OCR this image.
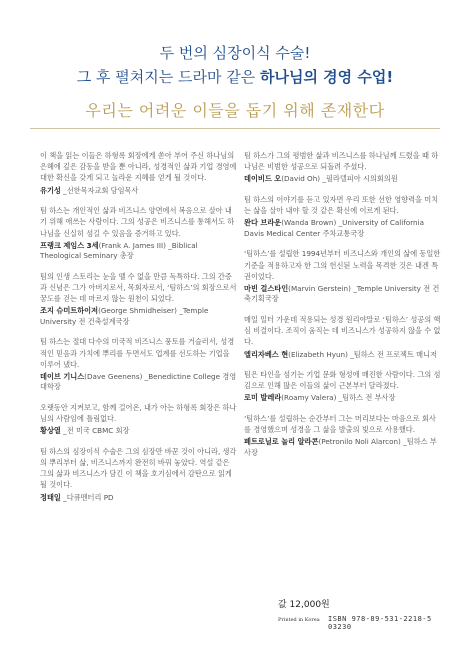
두 번의 심장이식 수술!
그 후 펼쳐지는 드라마 같은 하나님의 경영 수업!
우리는 어려운 이들을 돕기 위해 존재한다

이 책을 읽는 이들은 하형록 회장에게 쏟아 부어 주신 하나님의 은혜에 깊은 감동을 받을 뿐 아니라, 성경적인 삶과 기업 경영에 대한 확신을 갖게 되고 놀라운 지혜를 얻게 될 것이다.

유기성 _선한목자교회 담임목사

팀 하스는 개인적인 삶과 비즈니스 양면에서 복음으로 살아 내기 위해 애쓰는 사람이다. 그의 성공은 비즈니스를 통해서도 하나님을 신실히 섬길 수 있음을 증거하고 있다.

프랭크 제임스 3세(Frank A. James III) _Biblical Theological Seminary 총장

팀의 인생 스토리는 눈을 뗄 수 없을 만큼 독특하다. 그의 간증과 신념은 그가 아버지로서, 목회자로서, ‘팀하스’의 회장으로서 꿈도를 걷는 데 마르지 않는 원천이 되었다.

조지 슈미트하이저(George Shmidheiser) _Temple University 전 건축설계국장

팀 하스는 절대 다수의 미국적 비즈니스 풍토를 거슬러서, 성경적인 믿음과 가치에 뿌리를 두면서도 업계를 선도하는 기업을 이루어 냈다.

데이브 기니스(Dave Geenens) _Benedictine College 경영대학장

오랫동안 지켜보고, 함께 걸어온, 내가 아는 하형록 회장은 하나님의 사람임에 틀림없다.

황상열 _전 미국 CBMC 회장

팀 하스의 심장이식 수술은 그의 심장만 바꾼 것이 아니라, 생각의 뿌리부터 삶, 비즈니스까지 완전히 바꿔 놓았다. 역설 같은 그의 삶과 비즈니스가 담긴 이 책을 호기심에서 감탄으로 읽게 될 것이다.

정태일 _다큐멘터리 PD

팀 하스가 그의 평범한 삶과 비즈니스를 하나님께 드렸을 때 하나님은 비범한 성공으로 되돌려 주셨다.

데이비드 오(David Oh) _필라델피아 시의회의원

팀 하스의 이야기를 듣고 있자면 우리 또한 선한 영향력을 미치는 삶을 살아 내야 할 것 같은 확신에 이르게 된다.

완다 브라운(Wanda Brown) _University of California Davis Medical Center 주차교통국장

‘팀하스’를 설립한 1994년부터 비즈니스와 개인의 삶에 동일한 기준을 적용하고자 한 그의 헌신된 노력을 목격한 것은 내겐 특권이었다.

마빈 걸스타인(Marvin Gerstein) _Temple University 전 건축기획국장

매일 일터 가운데 적용되는 성경 원리야말로 ‘팀하스’ 성공의 핵심 비결이다. 조직이 움직는 데 비즈니스가 성공하지 않을 수 없다.

엘리자베스 현(Elizabeth Hyun) _팀하스 전 프로젝트 매니저

팀은 타인을 섬기는 기업 문화 형성에 매진한 사람이다. 그의 섬김으로 인해 많은 이들의 삶이 근본부터 달라졌다.

로미 발레라(Roamy Valera) _팀하스 전 부사장

‘팀하스’를 설립하는 순간부터 그는 머리보다는 마음으로 회사를 경영했으며 성경을 그 삶을 발출의 빛으로 사용했다.

페트로닐로 놀리 알라콘(Petronilo Noli Alarcon) _팀하스 부사장
값 12,000원
Printed in Korea ISBN 978-89-531-2218-5 03230
